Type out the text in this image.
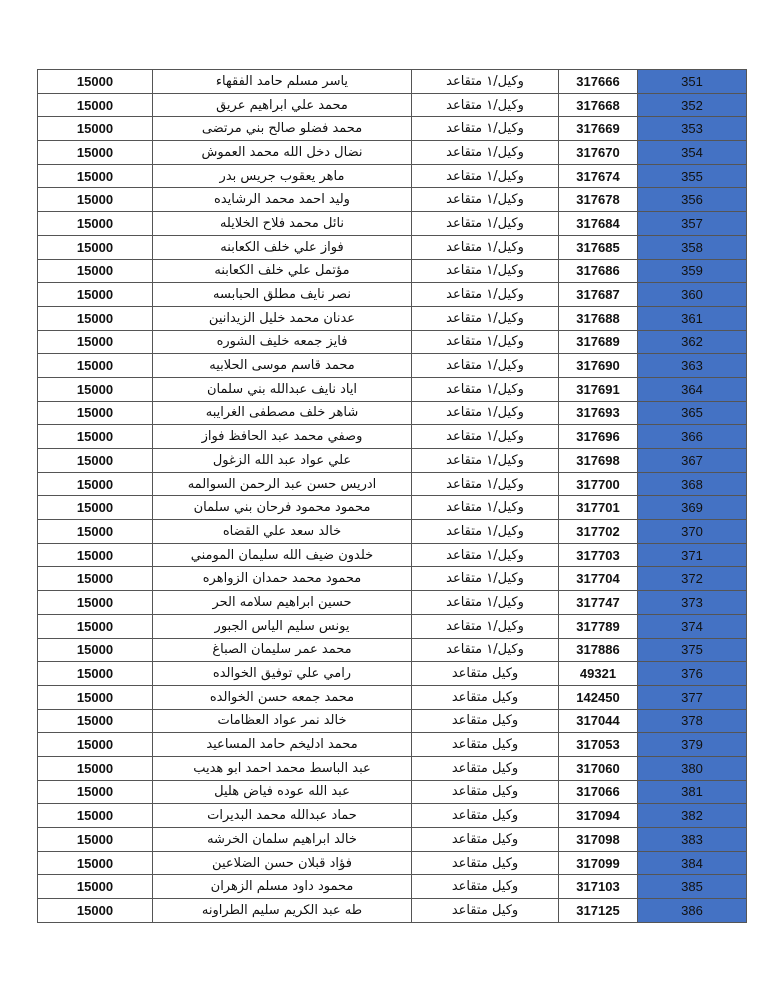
15000	ياسر مسلم حامد الفقهاء	وكيل/١ متقاعد	317666	351
15000	محمد علي ابراهيم عريق	وكيل/١ متقاعد	317668	352
15000	محمد فضلو صالح بني مرتضى	وكيل/١ متقاعد	317669	353
15000	نضال دخل الله محمد العموش	وكيل/١ متقاعد	317670	354
15000	ماهر يعقوب جريس بدر	وكيل/١ متقاعد	317674	355
15000	وليد احمد محمد الرشايده	وكيل/١ متقاعد	317678	356
15000	نائل محمد فلاح الخلايله	وكيل/١ متقاعد	317684	357
15000	فواز علي خلف الكعابنه	وكيل/١ متقاعد	317685	358
15000	مؤتمل علي خلف الكعابنه	وكيل/١ متقاعد	317686	359
15000	نصر نايف مطلق الحبابسه	وكيل/١ متقاعد	317687	360
15000	عدنان محمد خليل الزيدانين	وكيل/١ متقاعد	317688	361
15000	فايز جمعه خليف الشوره	وكيل/١ متقاعد	317689	362
15000	محمد قاسم موسى الحلابيه	وكيل/١ متقاعد	317690	363
15000	اياد نايف عبدالله بني سلمان	وكيل/١ متقاعد	317691	364
15000	شاهر خلف مصطفى الغرايبه	وكيل/١ متقاعد	317693	365
15000	وصفي محمد عبد الحافظ فواز	وكيل/١ متقاعد	317696	366
15000	علي عواد عبد الله الزغول	وكيل/١ متقاعد	317698	367
15000	ادريس حسن عبد الرحمن السوالمه	وكيل/١ متقاعد	317700	368
15000	محمود محمود فرحان بني سلمان	وكيل/١ متقاعد	317701	369
15000	خالد سعد علي القضاه	وكيل/١ متقاعد	317702	370
15000	خلدون ضيف الله سليمان المومني	وكيل/١ متقاعد	317703	371
15000	محمود محمد حمدان الزواهره	وكيل/١ متقاعد	317704	372
15000	حسين ابراهيم سلامه الحر	وكيل/١ متقاعد	317747	373
15000	يونس سليم الياس الجبور	وكيل/١ متقاعد	317789	374
15000	محمد عمر سليمان الصباغ	وكيل/١ متقاعد	317886	375
15000	رامي علي توفيق الخوالده	وكيل متقاعد	49321	376
15000	محمد جمعه حسن الخوالده	وكيل متقاعد	142450	377
15000	خالد نمر عواد العظامات	وكيل متقاعد	317044	378
15000	محمد ادليخم حامد المساعيد	وكيل متقاعد	317053	379
15000	عبد الباسط محمد احمد ابو هديب	وكيل متقاعد	317060	380
15000	عبد الله عوده فياض هليل	وكيل متقاعد	317066	381
15000	حماد عبدالله محمد البديرات	وكيل متقاعد	317094	382
15000	خالد ابراهيم سلمان الخرشه	وكيل متقاعد	317098	383
15000	فؤاد قبلان حسن الضلاعين	وكيل متقاعد	317099	384
15000	محمود داود مسلم الزهران	وكيل متقاعد	317103	385
15000	طه عبد الكريم سليم الطراونه	وكيل متقاعد	317125	386
